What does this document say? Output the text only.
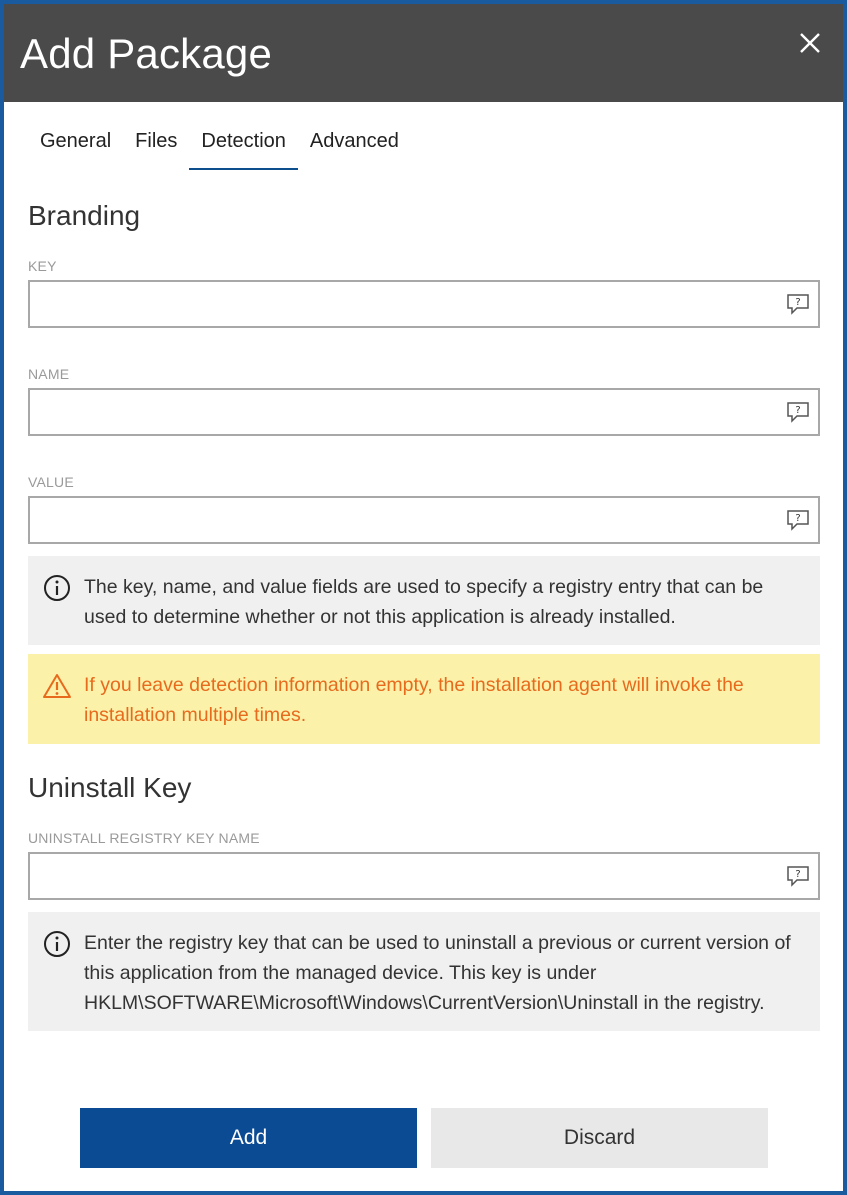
Add Package
General	Files	Detection	Advanced
Branding
KEY
?
NAME
?
VALUE
?
The key, name, and value fields are used to specify a registry entry that can be used to determine whether or not this application is already installed.
If you leave detection information empty, the installation agent will invoke the installation multiple times.
Uninstall Key
UNINSTALL REGISTRY KEY NAME
?
Enter the registry key that can be used to uninstall a previous or current version of this application from the managed device. This key is under HKLM\SOFTWARE\Microsoft\Windows\CurrentVersion\Uninstall in the registry.
Add	Discard
